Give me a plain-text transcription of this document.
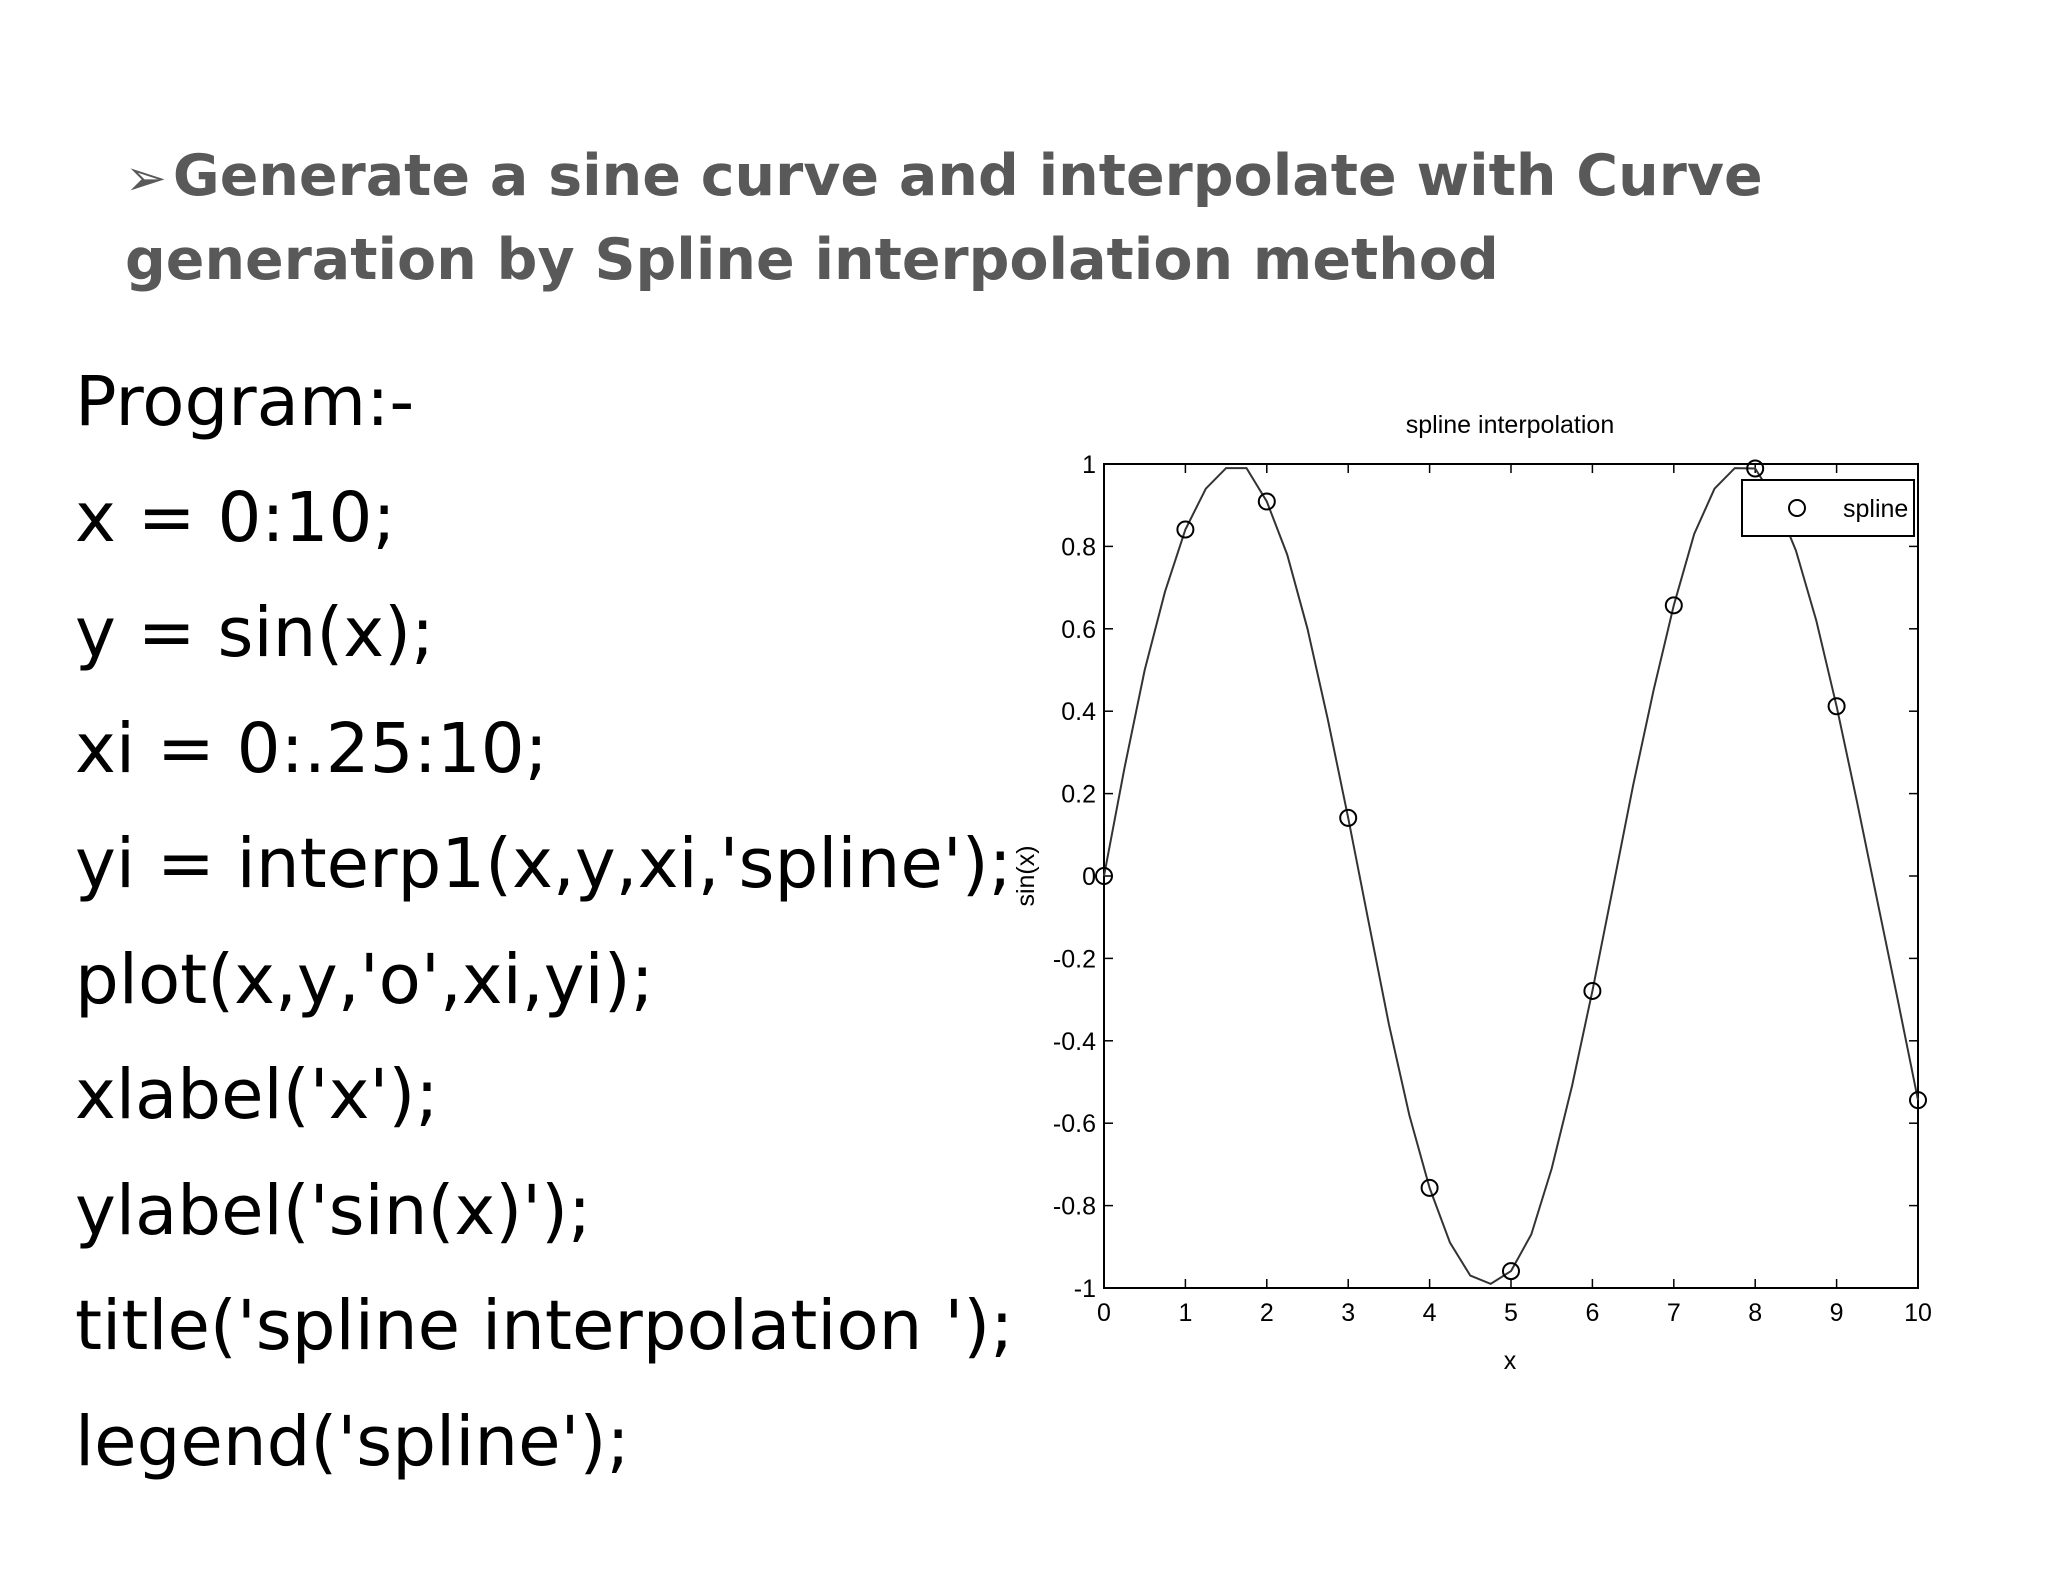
➢ Generate a sine curve and interpolate with Curve generation by Spline interpolation method
Program:-
x = 0:10;
y = sin(x);
xi = 0:.25:10;
yi = interp1(x,y,xi,'spline');
plot(x,y,'o',xi,yi);
xlabel('x');
ylabel('sin(x)');
title('spline interpolation ');
legend('spline');
spline interpolation
x
sin(x)
0	1	2	3	4	5	6	7	8	9 10
1
0.8
0.6
0.4
0.2
0
-0.2
-0.4
-0.6
-0.8
-1
spline
